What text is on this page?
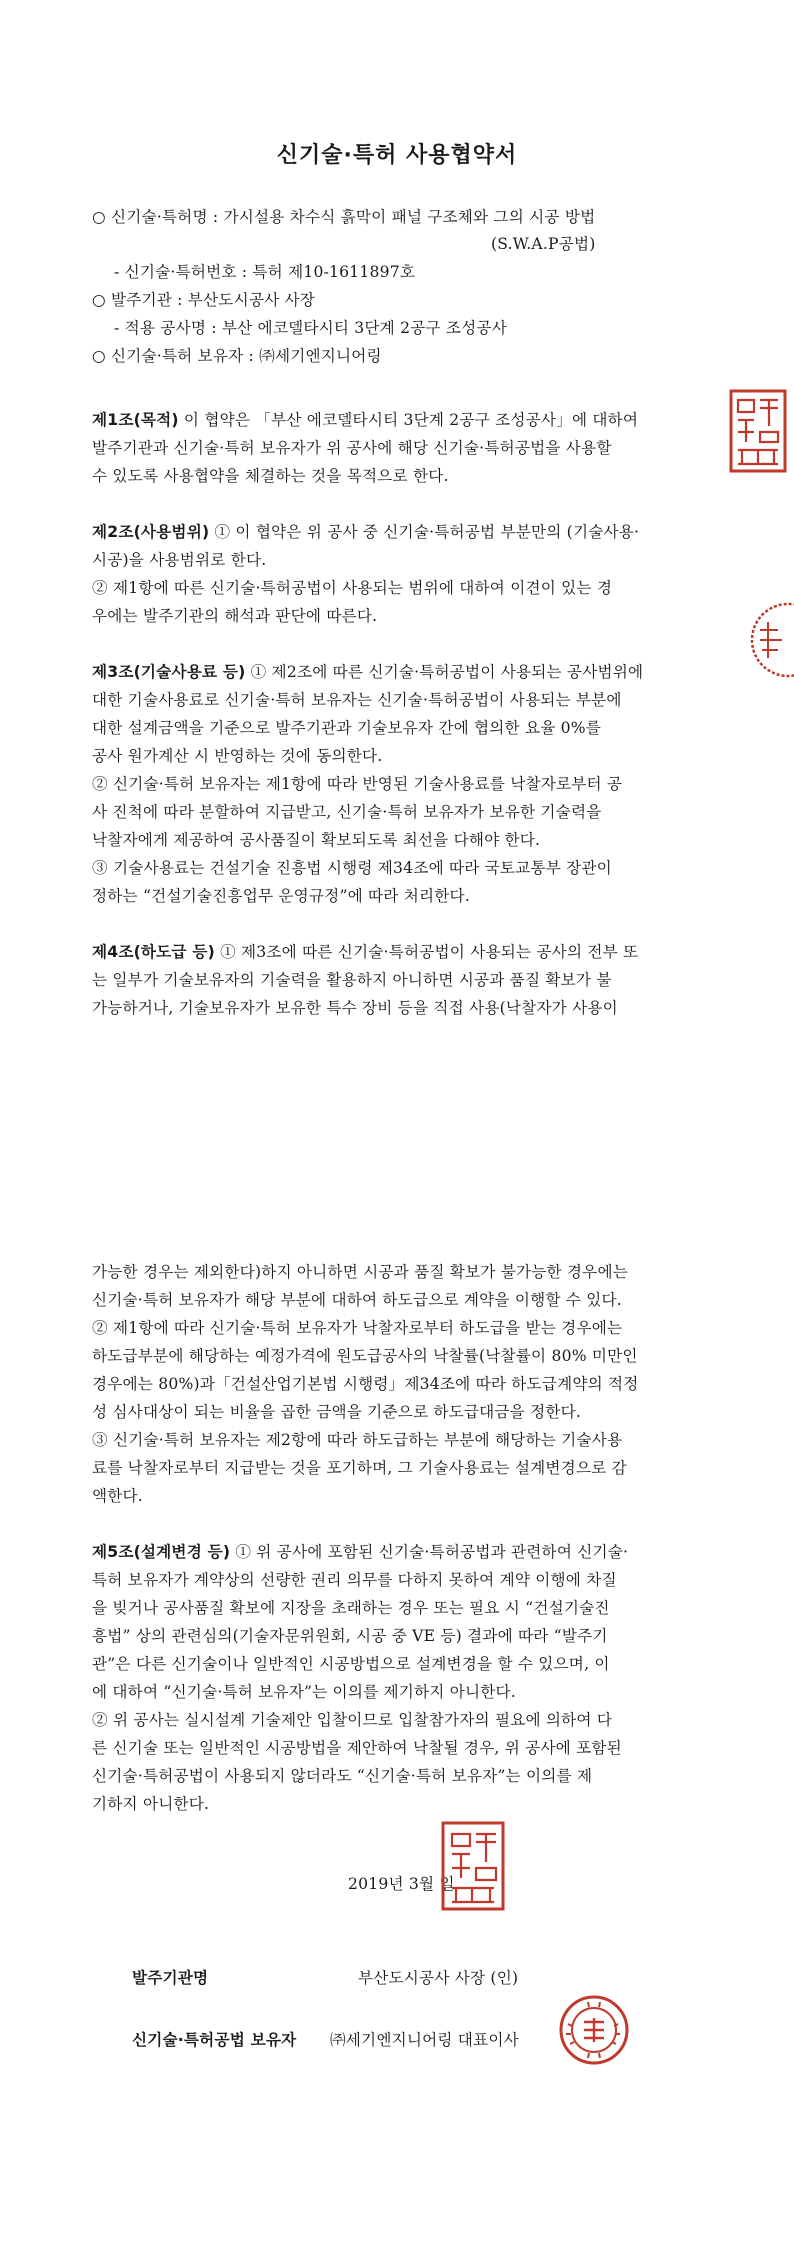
신기술·특허 사용협약서
○ 신기술·특허명 : 가시설용 차수식 흙막이 패널 구조체와 그의 시공 방법
(S.W.A.P공법)
- 신기술·특허번호 : 특허 제10-1611897호
○ 발주기관 : 부산도시공사 사장
- 적용 공사명 : 부산 에코델타시티 3단계 2공구 조성공사
○ 신기술·특허 보유자 : ㈜세기엔지니어링
제1조(목적) 이 협약은 「부산 에코델타시티 3단계 2공구 조성공사」에 대하여
발주기관과 신기술·특허 보유자가 위 공사에 해당 신기술·특허공법을 사용할
수 있도록 사용협약을 체결하는 것을 목적으로 한다.
제2조(사용범위) ① 이 협약은 위 공사 중 신기술·특허공법 부분만의 (기술사용·
시공)을 사용범위로 한다.
② 제1항에 따른 신기술·특허공법이 사용되는 범위에 대하여 이견이 있는 경
우에는 발주기관의 해석과 판단에 따른다.
제3조(기술사용료 등) ① 제2조에 따른 신기술·특허공법이 사용되는 공사범위에
대한 기술사용료로 신기술·특허 보유자는 신기술·특허공법이 사용되는 부분에
대한 설계금액을 기준으로 발주기관과 기술보유자 간에 협의한 요율 0%를
공사 원가계산 시 반영하는 것에 동의한다.
② 신기술·특허 보유자는 제1항에 따라 반영된 기술사용료를 낙찰자로부터 공
사 진척에 따라 분할하여 지급받고, 신기술·특허 보유자가 보유한 기술력을
낙찰자에게 제공하여 공사품질이 확보되도록 최선을 다해야 한다.
③ 기술사용료는 건설기술 진흥법 시행령 제34조에 따라 국토교통부 장관이
정하는 “건설기술진흥업무 운영규정”에 따라 처리한다.
제4조(하도급 등) ① 제3조에 따른 신기술·특허공법이 사용되는 공사의 전부 또
는 일부가 기술보유자의 기술력을 활용하지 아니하면 시공과 품질 확보가 불
가능하거나, 기술보유자가 보유한 특수 장비 등을 직접 사용(낙찰자가 사용이
가능한 경우는 제외한다)하지 아니하면 시공과 품질 확보가 불가능한 경우에는
신기술·특허 보유자가 해당 부분에 대하여 하도급으로 계약을 이행할 수 있다.
② 제1항에 따라 신기술·특허 보유자가 낙찰자로부터 하도급을 받는 경우에는
하도급부분에 해당하는 예정가격에 원도급공사의 낙찰률(낙찰률이 80% 미만인
경우에는 80%)과「건설산업기본법 시행령」제34조에 따라 하도급계약의 적정
성 심사대상이 되는 비율을 곱한 금액을 기준으로 하도급대금을 정한다.
③ 신기술·특허 보유자는 제2항에 따라 하도급하는 부분에 해당하는 기술사용
료를 낙찰자로부터 지급받는 것을 포기하며, 그 기술사용료는 설계변경으로 감
액한다.
제5조(설계변경 등) ① 위 공사에 포함된 신기술·특허공법과 관련하여 신기술·
특허 보유자가 계약상의 선량한 권리 의무를 다하지 못하여 계약 이행에 차질
을 빚거나 공사품질 확보에 지장을 초래하는 경우 또는 필요 시 “건설기술진
흥법” 상의 관련심의(기술자문위원회, 시공 중 VE 등) 결과에 따라 “발주기
관”은 다른 신기술이나 일반적인 시공방법으로 설계변경을 할 수 있으며, 이
에 대하여 “신기술·특허 보유자”는 이의를 제기하지 아니한다.
② 위 공사는 실시설계 기술제안 입찰이므로 입찰참가자의 필요에 의하여 다
른 신기술 또는 일반적인 시공방법을 제안하여 낙찰될 경우, 위 공사에 포함된
신기술·특허공법이 사용되지 않더라도 “신기술·특허 보유자”는 이의를 제
기하지 아니한다.
2019년 3월 일
발주기관명	부산도시공사 사장 (인)
신기술·특허공법 보유자 ㈜세기엔지니어링 대표이사
